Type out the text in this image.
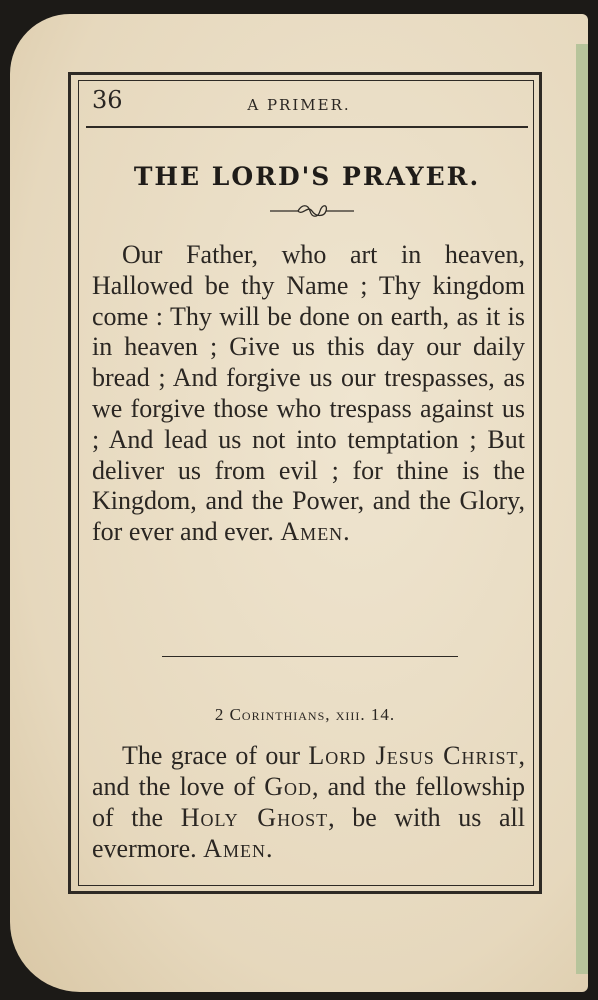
36	A PRIMER.
THE LORD'S PRAYER.
Our Father, who art in heaven, Hallowed be thy Name ; Thy kingdom come : Thy will be done on earth, as it is in heaven ; Give us this day our daily bread ; And forgive us our trespasses, as we forgive those who trespass against us ; And lead us not into temptation ; But deliver us from evil ; for thine is the Kingdom, and the Power, and the Glory, for ever and ever. Amen.
2 Corinthians, xiii. 14.
The grace of our Lord Jesus Christ, and the love of God, and the fellowship of the Holy Ghost, be with us all evermore. Amen.
